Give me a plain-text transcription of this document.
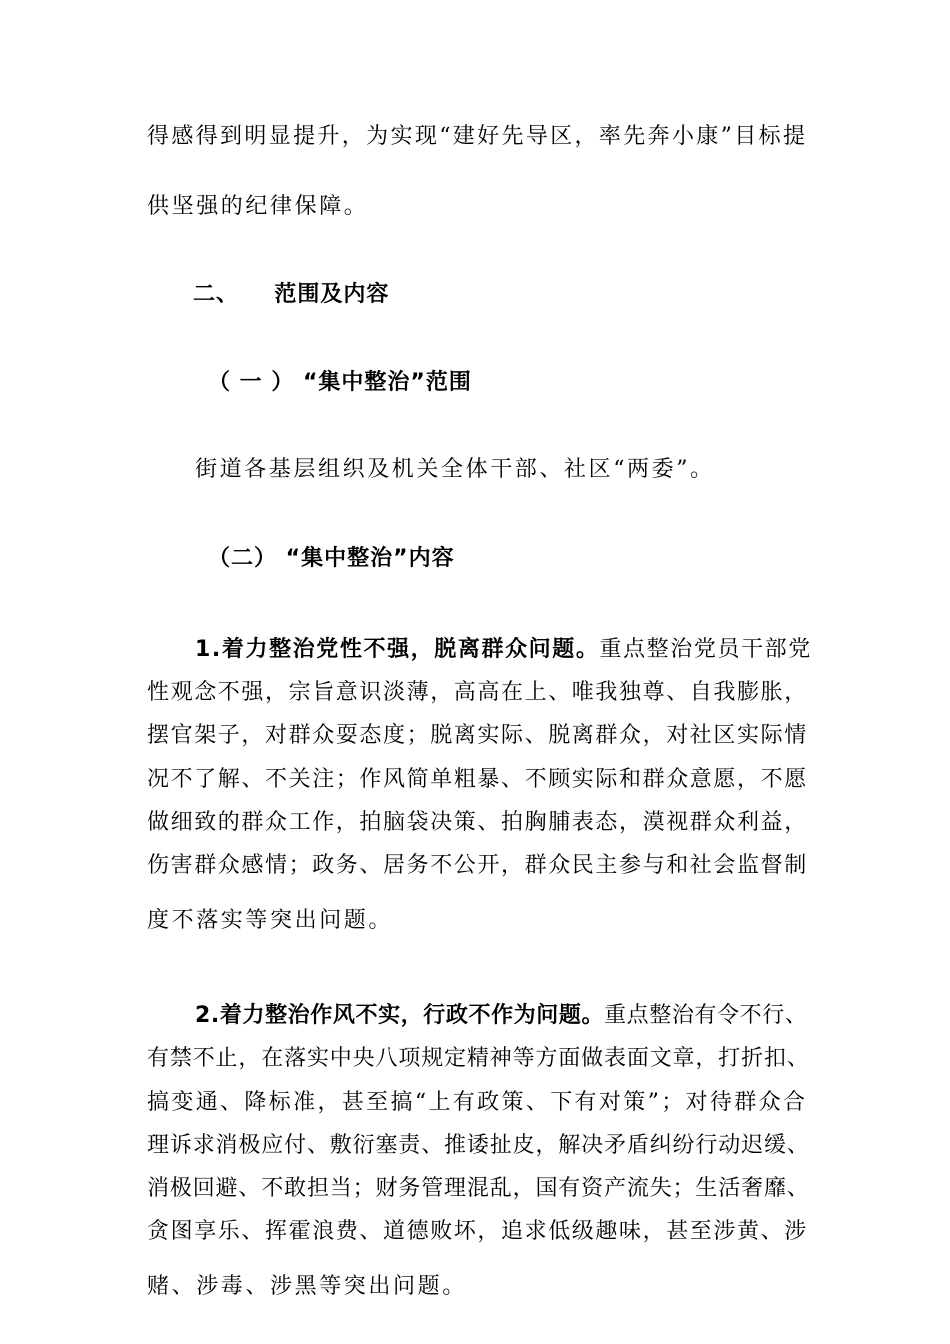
得感得到明显提升，为实现“建好先导区，率先奔小康”目标提
供坚强的纪律保障。
二、 范围及内容
（ 一 ） “集中整治”范围
街道各基层组织及机关全体干部、社区“两委”。
（二） “集中整治”内容
1.着力整治党性不强，脱离群众问题。重点整治党员干部党
性观念不强，宗旨意识淡薄，高高在上、唯我独尊、自我膨胀，
摆官架子，对群众耍态度；脱离实际、脱离群众，对社区实际情
况不了解、不关注；作风简单粗暴、不顾实际和群众意愿，不愿
做细致的群众工作，拍脑袋决策、拍胸脯表态，漠视群众利益，
伤害群众感情；政务、居务不公开，群众民主参与和社会监督制
度不落实等突出问题。
2.着力整治作风不实，行政不作为问题。重点整治有令不行、
有禁不止，在落实中央八项规定精神等方面做表面文章，打折扣、
搞变通、降标准，甚至搞“上有政策、下有对策”；对待群众合
理诉求消极应付、敷衍塞责、推诿扯皮，解决矛盾纠纷行动迟缓、
消极回避、不敢担当；财务管理混乱，国有资产流失；生活奢靡、
贪图享乐、挥霍浪费、道德败坏，追求低级趣味，甚至涉黄、涉
赌、涉毒、涉黑等突出问题。
